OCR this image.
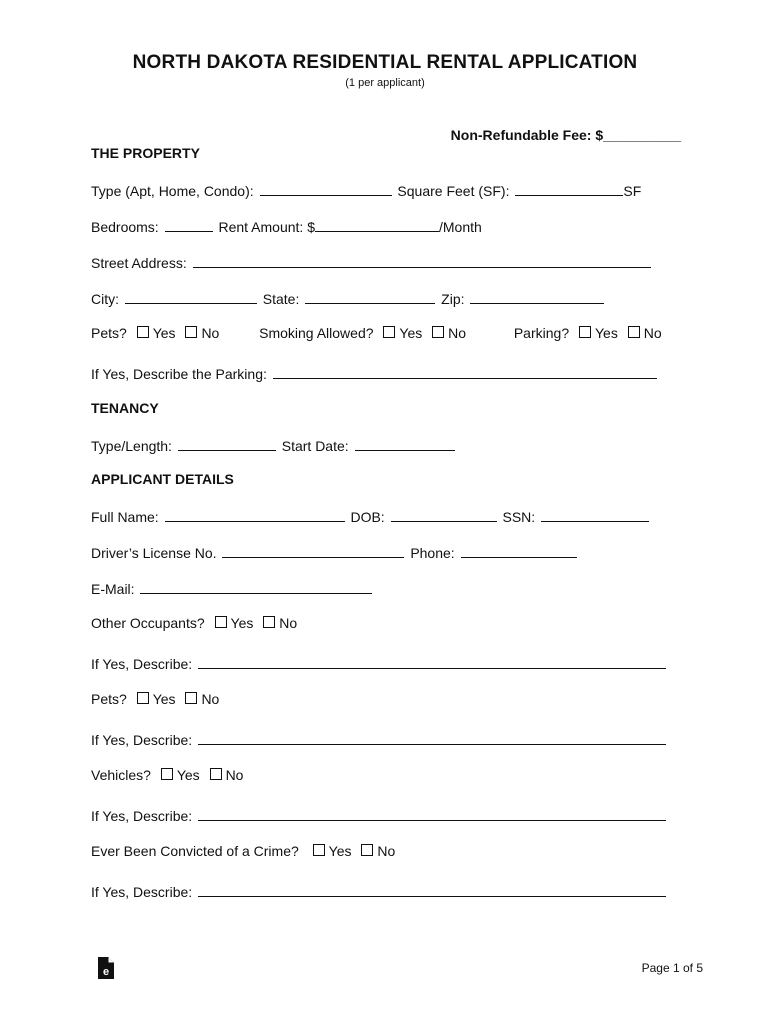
NORTH DAKOTA RESIDENTIAL RENTAL APPLICATION
(1 per applicant)
Non-Refundable Fee: $__________
THE PROPERTY
Type (Apt, Home, Condo):	Square Feet (SF):	SF
Bedrooms:	Rent Amount: $	/Month
Street Address:
City:	State:	Zip:
Pets? Yes No	Smoking Allowed? Yes No	Parking? Yes No
If Yes, Describe the Parking:
TENANCY
Type/Length:	Start Date:
APPLICANT DETAILS
Full Name:	DOB:	SSN:
Driver’s License No.	Phone:
E-Mail:
Other Occupants? Yes No
If Yes, Describe:
Pets? Yes No
If Yes, Describe:
Vehicles? Yes No
If Yes, Describe:
Ever Been Convicted of a Crime? Yes No
If Yes, Describe:
e	Page 1 of 5
